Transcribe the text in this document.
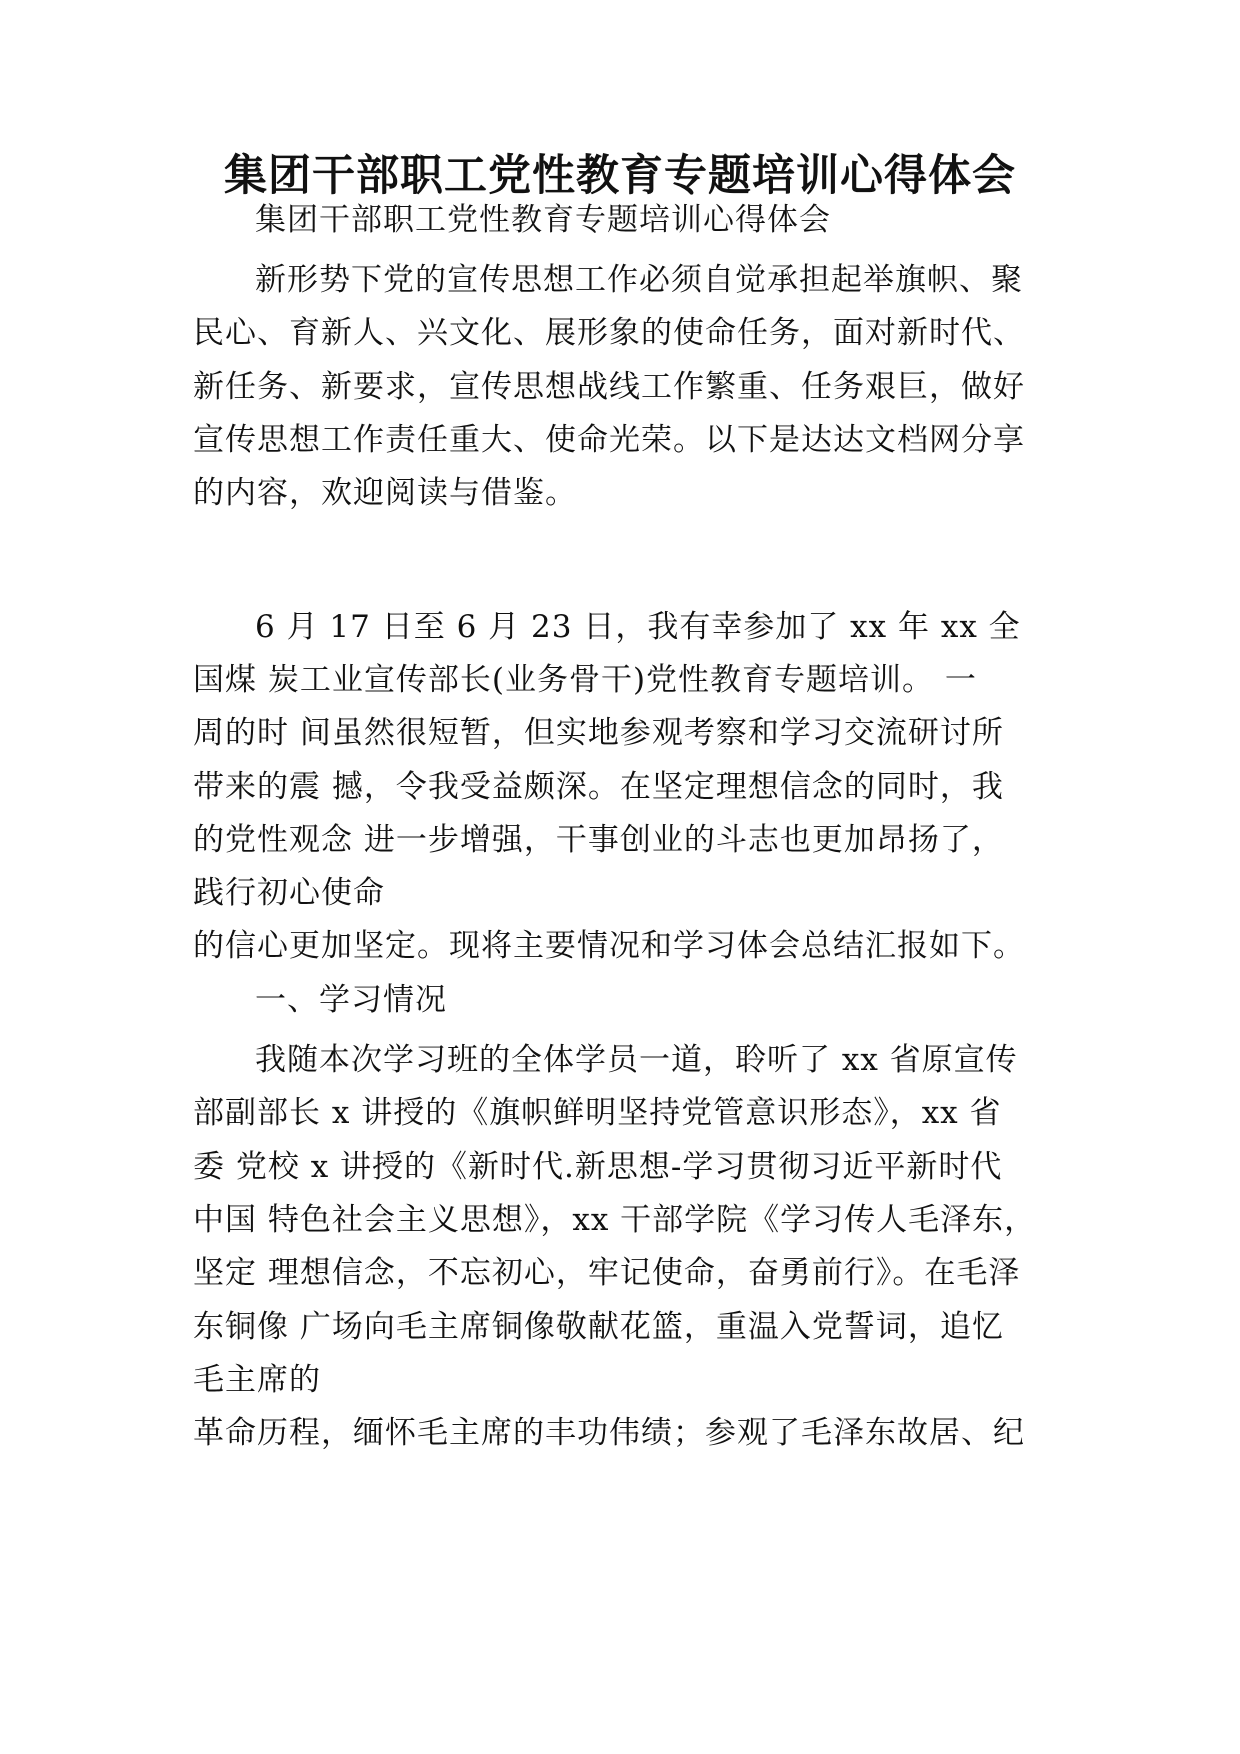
集团干部职工党性教育专题培训心得体会
集团干部职工党性教育专题培训心得体会
新形势下党的宣传思想工作必须自觉承担起举旗帜、聚
民心、育新人、兴文化、展形象的使命任务，面对新时代、
新任务、新要求，宣传思想战线工作繁重、任务艰巨，做好
宣传思想工作责任重大、使命光荣。以下是达达文档网分享
的内容，欢迎阅读与借鉴。
6 月 17 日至 6 月 23 日，我有幸参加了 xx 年 xx 全
国煤 炭工业宣传部长(业务骨干)党性教育专题培训。 一
周的时 间虽然很短暂，但实地参观考察和学习交流研讨所
带来的震 撼，令我受益颇深。在坚定理想信念的同时，我
的党性观念 进一步增强，干事创业的斗志也更加昂扬了，
践行初心使命
的信心更加坚定。现将主要情况和学习体会总结汇报如下。
一、学习情况
我随本次学习班的全体学员一道，聆听了 xx 省原宣传
部副部长 x 讲授的《旗帜鲜明坚持党管意识形态》，xx 省
委 党校 x 讲授的《新时代.新思想-学习贯彻习近平新时代
中国 特色社会主义思想》，xx 干部学院《学习传人毛泽东，
坚定 理想信念，不忘初心，牢记使命，奋勇前行》。在毛泽
东铜像 广场向毛主席铜像敬献花篮，重温入党誓词，追忆
毛主席的
革命历程，缅怀毛主席的丰功伟绩；参观了毛泽东故居、纪
